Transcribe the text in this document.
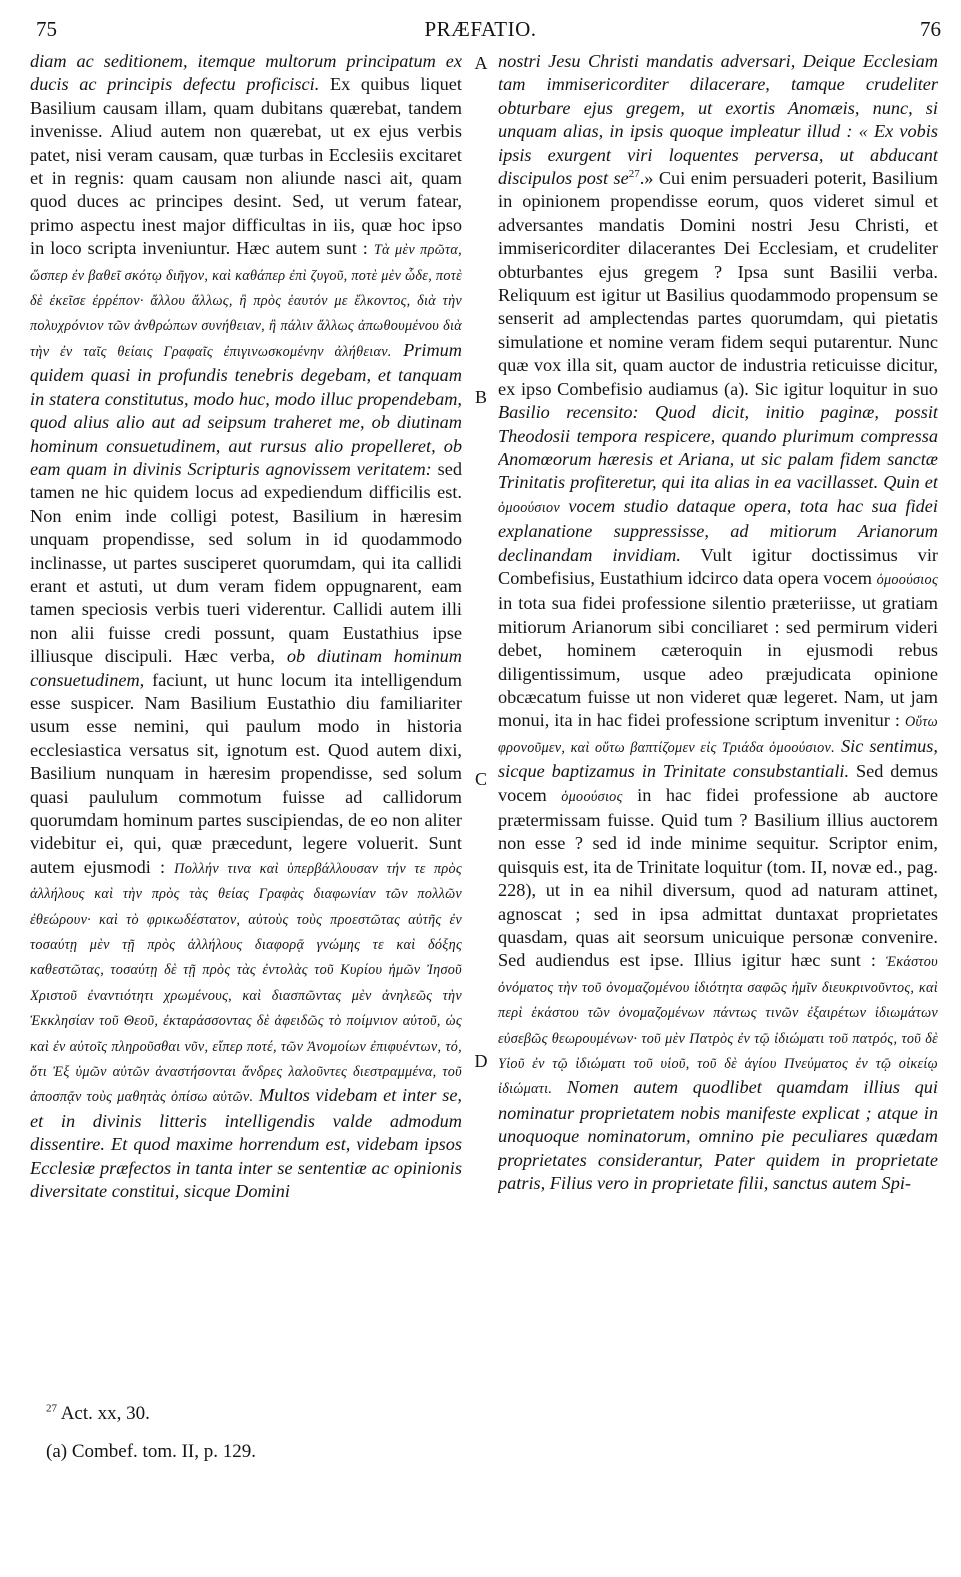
75	PRÆFATIO.	76
A
B
C
D

diam ac seditionem, itemque multorum principatum ex ducis ac principis defectu proficisci. Ex quibus liquet Basilium causam illam, quam dubitans quærebat, tandem invenisse. Aliud autem non quærebat, ut ex ejus verbis patet, nisi veram causam, quæ turbas in Ecclesiis excitaret et in regnis: quam causam non aliunde nasci ait, quam quod duces ac principes desint. Sed, ut verum fatear, primo aspectu inest major difficultas in iis, quæ hoc ipso in loco scripta inveniuntur. Hæc autem sunt : Τὰ μὲν πρῶτα, ὥσπερ ἐν βαθεῖ σκότῳ διῆγον, καὶ καθάπερ ἐπὶ ζυγοῦ, ποτὲ μὲν ὧδε, ποτὲ δὲ ἐκεῖσε ἐρρέπον· ἄλλου ἄλλως, ἢ πρὸς ἑαυτόν με ἕλκοντος, διὰ τὴν πολυχρόνιον τῶν ἀνθρώπων συνήθειαν, ἢ πάλιν ἄλλως ἀπωθουμένου διὰ τὴν ἐν ταῖς θείαις Γραφαῖς ἐπιγινωσκομένην ἀλήθειαν. Primum quidem quasi in profundis tenebris degebam, et tanquam in statera constitutus, modo huc, modo illuc propendebam, quod alius alio aut ad seipsum traheret me, ob diutinam hominum consuetudinem, aut rursus alio propelleret, ob eam quam in divinis Scripturis agnovissem veritatem: sed tamen ne hic quidem locus ad expediendum difficilis est. Non enim inde colligi potest, Basilium in hæresim unquam propendisse, sed solum in id quodammodo inclinasse, ut partes susciperet quorumdam, qui ita callidi erant et astuti, ut dum veram fidem oppugnarent, eam tamen speciosis verbis tueri viderentur. Callidi autem illi non alii fuisse credi possunt, quam Eustathius ipse illiusque discipuli. Hæc verba, ob diutinam hominum consuetudinem, faciunt, ut hunc locum ita intelligendum esse suspicer. Nam Basilium Eustathio diu familiariter usum esse nemini, qui paulum modo in historia ecclesiastica versatus sit, ignotum est. Quod autem dixi, Basilium nunquam in hæresim propendisse, sed solum quasi paululum commotum fuisse ad callidorum quorumdam hominum partes suscipiendas, de eo non aliter videbitur ei, qui, quæ præcedunt, legere voluerit. Sunt autem ejusmodi : Πολλήν τινα καὶ ὑπερβάλλουσαν τήν τε πρὸς ἀλλήλους καὶ τὴν πρὸς τὰς θείας Γραφὰς διαφωνίαν τῶν πολλῶν ἐθεώρουν· καὶ τὸ φρικωδέστατον, αὐτοὺς τοὺς προεστῶτας αὐτῆς ἐν τοσαύτῃ μὲν τῇ πρὸς ἀλλήλους διαφορᾷ γνώμης τε καὶ δόξης καθεστῶτας, τοσαύτῃ δὲ τῇ πρὸς τὰς ἐντολὰς τοῦ Κυρίου ἡμῶν Ἰησοῦ Χριστοῦ ἐναντιότητι χρωμένους, καὶ διασπῶντας μὲν ἀνηλεῶς τὴν Ἐκκλησίαν τοῦ Θεοῦ, ἐκταράσσοντας δὲ ἀφειδῶς τὸ ποίμνιον αὐτοῦ, ὡς καὶ ἐν αὐτοῖς πληροῦσθαι νῦν, εἴπερ ποτέ, τῶν Ἀνομοίων ἐπιφυέντων, τό, ὅτι Ἐξ ὑμῶν αὐτῶν ἀναστήσονται ἄνδρες λαλοῦντες διεστραμμένα, τοῦ ἀποσπᾷν τοὺς μαθητὰς ὀπίσω αὐτῶν. Multos videbam et inter se, et in divinis litteris intelligendis valde admodum dissentire. Et quod maxime horrendum est, videbam ipsos Ecclesiæ præfectos in tanta inter se sententiæ ac opinionis diversitate constitui, sicque Domini

nostri Jesu Christi mandatis adversari, Deique Ecclesiam tam immisericorditer dilacerare, tamque crudeliter obturbare ejus gregem, ut exortis Anomæis, nunc, si unquam alias, in ipsis quoque impleatur illud : « Ex vobis ipsis exurgent viri loquentes perversa, ut abducant discipulos post $se^{27}$.» Cui enim persuaderi poterit, Basilium in opinionem propendisse eorum, quos videret simul et adversantes mandatis Domini nostri Jesu Christi, et immisericorditer dilacerantes Dei Ecclesiam, et crudeliter obturbantes ejus gregem ? Ipsa sunt Basilii verba. Reliquum est igitur ut Basilius quodammodo propensum se senserit ad amplectendas partes quorumdam, qui pietatis simulatione et nomine veram fidem sequi putarentur. Nunc quæ vox illa sit, quam auctor de industria reticuisse dicitur, ex ipso Combefisio audiamus (a). Sic igitur loquitur in suo Basilio recensito: Quod dicit, initio paginæ, possit Theodosii tempora respicere, quando plurimum compressa Anomœorum hæresis et Ariana, ut sic palam fidem sanctæ Trinitatis profiteretur, qui ita alias in ea vacillasset. Quin et ὁμοούσιον vocem studio dataque opera, tota hac sua fidei explanatione suppressisse, ad mitiorum Arianorum declinandam invidiam. Vult igitur doctissimus vir Combefisius, Eustathium idcirco data opera vocem ὁμοούσιος in tota sua fidei professione silentio præteriisse, ut gratiam mitiorum Arianorum sibi conciliaret : sed permirum videri debet, hominem cæteroquin in ejusmodi rebus diligentissimum, usque adeo præjudicata opinione obcæcatum fuisse ut non videret quæ legeret. Nam, ut jam monui, ita in hac fidei professione scriptum invenitur : Οὕτω φρονοῦμεν, καὶ οὕτω βαπτίζομεν εἰς Τριάδα ὁμοούσιον. Sic sentimus, sicque baptizamus in Trinitate consubstantiali. Sed demus vocem ὁμοούσιος in hac fidei professione ab auctore prætermissam fuisse. Quid tum ? Basilium illius auctorem non esse ? sed id inde minime sequitur. Scriptor enim, quisquis est, ita de Trinitate loquitur (tom. II, novæ ed., pag. 228), ut in ea nihil diversum, quod ad naturam attinet, agnoscat ; sed in ipsa admittat duntaxat proprietates quasdam, quas ait seorsum unicuique personæ convenire. Sed audiendus est ipse. Illius igitur hæc sunt : Ἑκάστου ὀνόματος τὴν τοῦ ὀνομαζομένου ἰδιότητα σαφῶς ἡμῖν διευκρινοῦντος, καὶ περὶ ἑκάστου τῶν ὀνομαζομένων πάντως τινῶν ἐξαιρέτων ἰδιωμάτων εὐσεβῶς θεωρουμένων· τοῦ μὲν Πατρὸς ἐν τῷ ἰδιώματι τοῦ πατρός, τοῦ δὲ Υἱοῦ ἐν τῷ ἰδιώματι τοῦ υἱοῦ, τοῦ δὲ ἁγίου Πνεύματος ἐν τῷ οἰκείῳ ἰδιώματι. Nomen autem quodlibet quamdam illius qui nominatur proprietatem nobis manifeste explicat ; atque in unoquoque nominatorum, omnino pie peculiares quædam proprietates considerantur, Pater quidem in proprietate patris, Filius vero in proprietate filii, sanctus autem Spi-

$^{27}$ Act. xx, 30.
(a) Combef. tom. II, p. 129.
